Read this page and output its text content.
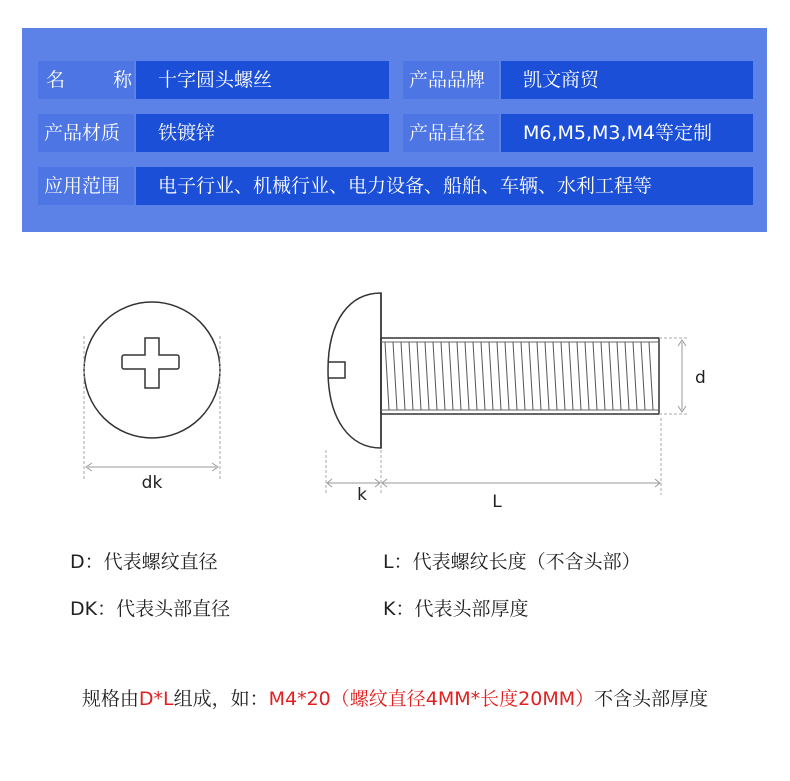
名	称	十字圆头螺丝	产品品牌	凯文商贸
产品材质	铁镀锌	产品直径	M6,M5,M3,M4等定制
应用范围	电子行业、机械行业、电力设备、船舶、车辆、水利工程等
dk
d
k	L
D：代表螺纹直径	L：代表螺纹长度（不含头部）
DK：代表头部直径	K：代表头部厚度
规格由D*L组成，如：M4*20（螺纹直径4MM*长度20MM）不含头部厚度
